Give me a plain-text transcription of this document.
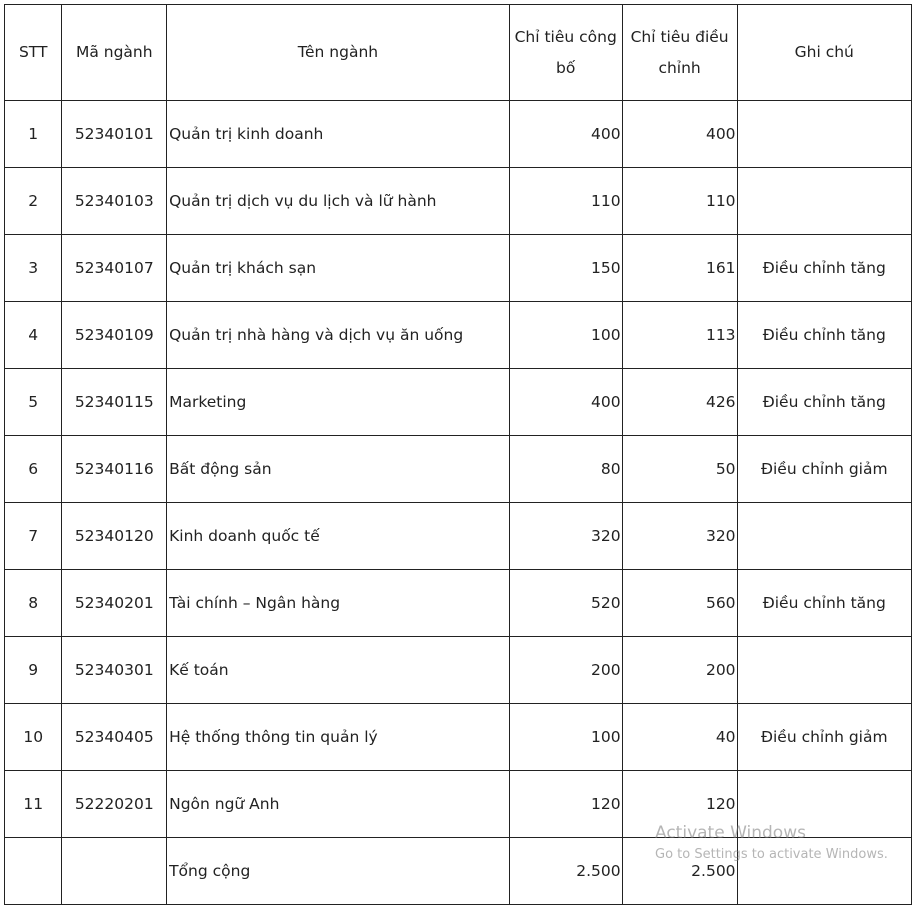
STT	Mã ngành	Tên ngành	Chỉ tiêu công bố	Chỉ tiêu điều chỉnh	Ghi chú
1	52340101	Quản trị kinh doanh	400	400	
2	52340103	Quản trị dịch vụ du lịch và lữ hành	110	110	
3	52340107	Quản trị khách sạn	150	161	Điều chỉnh tăng
4	52340109	Quản trị nhà hàng và dịch vụ ăn uống	100	113	Điều chỉnh tăng
5	52340115	Marketing	400	426	Điều chỉnh tăng
6	52340116	Bất động sản	80	50	Điều chỉnh giảm
7	52340120	Kinh doanh quốc tế	320	320	
8	52340201	Tài chính – Ngân hàng	520	560	Điều chỉnh tăng
9	52340301	Kế toán	200	200	
10	52340405	Hệ thống thông tin quản lý	100	40	Điều chỉnh giảm
11	52220201	Ngôn ngữ Anh	120	120	
		Tổng cộng	2.500	2.500	
Activate Windows
Go to Settings to activate Windows.
